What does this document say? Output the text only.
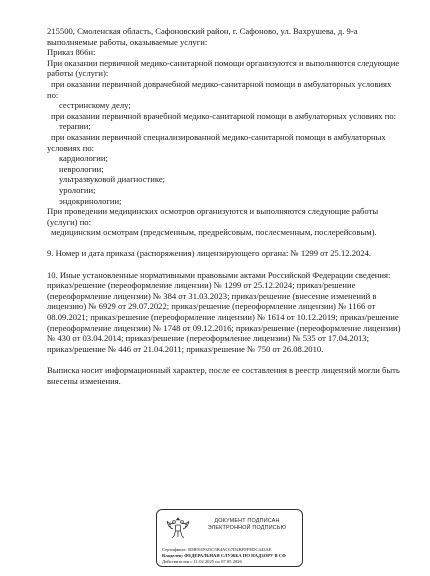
215500, Смоленская область, Сафоновский район, г. Сафоново, ул. Вахрушева, д. 9-а
выполняемые работы, оказываемые услуги:
Приказ 866н:
При оказании первичной медико-санитарной помощи организуются и выполняются следующие
работы (услуги):
при оказании первичной доврачебной медико-санитарной помощи в амбулаторных условиях
по:
сестринскому делу;
при оказании первичной врачебной медико-санитарной помощи в амбулаторных условиях по:
терапии;
при оказании первичной специализированной медико-санитарной помощи в амбулаторных
условиях по:
кардиологии;
неврологии;
ультразвуковой диагностике;
урологии;
эндокринологии;
При проведении медицинских осмотров организуются и выполняются следующие работы
(услуги) по:
медицинским осмотрам (предсменным, предрейсовым, послесменным, послерейсовым).
9. Номер и дата приказа (распоряжения) лицензирующего органа: № 1299 от 25.12.2024.
10. Иные установленные нормативными правовыми актами Российской Федерации сведения:
приказ/решение (переоформление лицензии) № 1299 от 25.12.2024; приказ/решение
(переоформление лицензии) № 384 от 31.03.2023; приказ/решение (внесение изменений в
лицензию) № 6929 от 29.07.2022; приказ/решение (переоформление лицензии) № 1166 от
08.09.2021; приказ/решение (переоформление лицензии) № 1614 от 10.12.2019; приказ/решение
(переоформление лицензии) № 1748 от 09.12.2016; приказ/решение (переоформление лицензии)
№ 430 от 03.04.2014; приказ/решение (переоформление лицензии) № 535 от 17.04.2013;
приказ/решение № 446 от 21.04.2011; приказ/решение № 750 от 26.08.2010.
Выписка носит информационный характер, после ее составления в реестр лицензий могли быть
внесены изменения.
ДОКУМЕНТ ПОДПИСАН
ЭЛЕКТРОННОЙ ПОДПИСЬЮ
Сертификат: 0DB91D925C5B4AC67D4BFFFEDC443AE
Владелец: ФЕДЕРАЛЬНАЯ СЛУЖБА ПО НАДЗОРУ В СФ
Действителен с 11.02.2025 по 07.05.2026
